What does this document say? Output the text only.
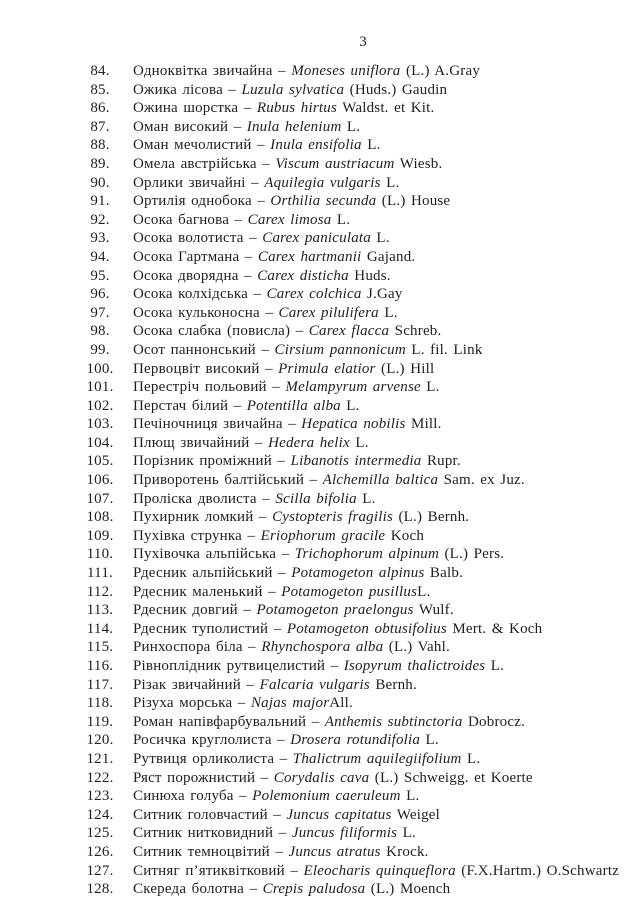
3
84.	Одноквітка звичайна – Moneses uniflora (L.) A.Gray
85.	Ожика лісова – Luzula sylvatica (Huds.) Gaudin
86.	Ожина шорстка – Rubus hirtus Waldst. et Kit.
87.	Оман високий – Inula helenium L.
88.	Оман мечолистий – Inula ensifolia L.
89.	Омела австрійська – Viscum austriacum Wiesb.
90.	Орлики звичайні – Aquilegia vulgaris L.
91.	Ортилія однобока – Orthilia secunda (L.) House
92.	Осока багнова – Carex limosa L.
93.	Осока волотиста – Carex paniculata L.
94.	Осока Гартмана – Carex hartmanii Gajand.
95.	Осока дворядна – Carex disticha Huds.
96.	Осока колхідська – Carex colchica J.Gay
97.	Осока кульконосна – Carex pilulifera L.
98.	Осока слабка (повисла) – Carex flacca Schreb.
99.	Осот паннонський – Cirsium pannonicum L. fil. Link
100.	Первоцвіт високий – Primula elatior (L.) Hill
101.	Перестріч польовий – Melampyrum arvense L.
102.	Перстач білий – Potentilla alba L.
103.	Печіночниця звичайна – Hepatica nobilis Mill.
104.	Плющ звичайний – Hedera helix L.
105.	Порізник проміжний – Libanotis intermedia Rupr.
106.	Приворотень балтійський – Alchemilla baltica Sam. ex Juz.
107.	Проліска дволиста – Scilla bifolia L.
108.	Пухирник ломкий – Cystopteris fragilis (L.) Bernh.
109.	Пухівка струнка – Eriophorum gracile Koch
110.	Пухівочка альпійська – Trichophorum alpinum (L.) Pers.
111.	Рдесник альпійський – Potamogeton alpinus Balb.
112.	Рдесник маленький – Potamogeton pusillusL.
113.	Рдесник довгий – Potamogeton praelongus Wulf.
114.	Рдесник туполистий – Potamogeton obtusifolius Mert. & Koch
115.	Ринхоспора біла – Rhynchospora alba (L.) Vahl.
116.	Рівноплідник рутвицелистий – Isopyrum thalictroides L.
117.	Різак звичайний – Falcaria vulgaris Bernh.
118.	Різуха морська – Najas majorAll.
119.	Роман напівфарбувальний – Anthemis subtinctoria Dobrocz.
120.	Росичка круглолиста – Drosera rotundifolia L.
121.	Рутвиця орликолиста – Thalictrum aquilegiifolium L.
122.	Ряст порожнистий – Corydalis cava (L.) Schweigg. et Koerte
123.	Синюха голуба – Polemonium caeruleum L.
124.	Ситник головчастий – Juncus capitatus Weigel
125.	Ситник нитковидний – Juncus filiformis L.
126.	Ситник темноцвітий – Juncus atratus Krock.
127.	Ситняг п’ятиквітковий – Eleocharis quinqueflora (F.X.Hartm.) O.Schwartz
128.	Скереда болотна – Crepis paludosa (L.) Moench
